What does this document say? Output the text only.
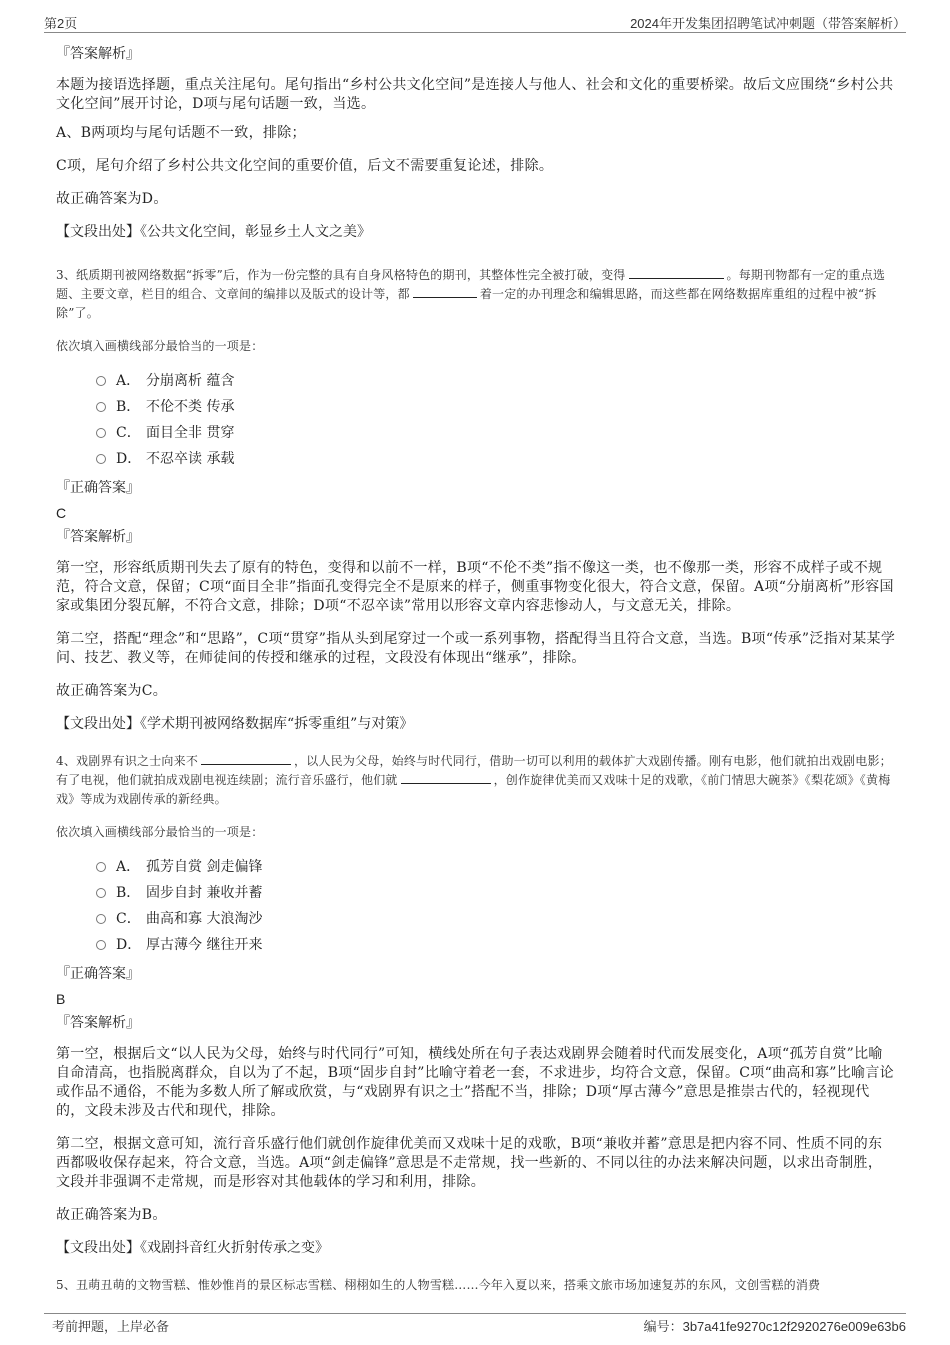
第2页	2024年开发集团招聘笔试冲刺题（带答案解析）
『答案解析』
本题为接语选择题，重点关注尾句。尾句指出“乡村公共文化空间”是连接人与他人、社会和文化的重要桥梁。故后文应围绕“乡村公共文化空间”展开讨论，D项与尾句话题一致，当选。
A、B两项均与尾句话题不一致，排除；
C项，尾句介绍了乡村公共文化空间的重要价值，后文不需要重复论述，排除。
故正确答案为D。
【文段出处】《公共文化空间，彰显乡土人文之美》
3、纸质期刊被网络数据“拆零”后，作为一份完整的具有自身风格特色的期刊，其整体性完全被打破，变得	。每期刊物都有一定的重点选题、主要文章，栏目的组合、文章间的编排以及版式的设计等，都	着一定的办刊理念和编辑思路，而这些都在网络数据库重组的过程中被“拆除”了。
依次填入画横线部分最恰当的一项是：
A． 分崩离析 蕴含
B． 不伦不类 传承
C． 面目全非 贯穿
D． 不忍卒读 承载
『正确答案』
C
『答案解析』
第一空，形容纸质期刊失去了原有的特色，变得和以前不一样，B项“不伦不类”指不像这一类，也不像那一类，形容不成样子或不规范，符合文意，保留；C项“面目全非”指面孔变得完全不是原来的样子，侧重事物变化很大，符合文意，保留。A项“分崩离析”形容国家或集团分裂瓦解，不符合文意，排除；D项“不忍卒读”常用以形容文章内容悲惨动人，与文意无关，排除。
第二空，搭配“理念”和“思路”，C项“贯穿”指从头到尾穿过一个或一系列事物，搭配得当且符合文意，当选。B项“传承”泛指对某某学问、技艺、教义等，在师徒间的传授和继承的过程，文段没有体现出“继承”，排除。
故正确答案为C。
【文段出处】《学术期刊被网络数据库“拆零重组”与对策》
4、戏剧界有识之士向来不	，以人民为父母，始终与时代同行，借助一切可以利用的载体扩大戏剧传播。刚有电影，他们就拍出戏剧电影；有了电视，他们就拍成戏剧电视连续剧；流行音乐盛行，他们就	，创作旋律优美而又戏味十足的戏歌，《前门情思大碗茶》《梨花颂》《黄梅戏》等成为戏剧传承的新经典。
依次填入画横线部分最恰当的一项是：
A． 孤芳自赏 剑走偏锋
B． 固步自封 兼收并蓄
C． 曲高和寡 大浪淘沙
D． 厚古薄今 继往开来
『正确答案』
B
『答案解析』
第一空，根据后文“以人民为父母，始终与时代同行”可知，横线处所在句子表达戏剧界会随着时代而发展变化，A项“孤芳自赏”比喻自命清高，也指脱离群众，自以为了不起，B项“固步自封”比喻守着老一套，不求进步，均符合文意，保留。C项“曲高和寡”比喻言论或作品不通俗，不能为多数人所了解或欣赏，与“戏剧界有识之士”搭配不当，排除；D项“厚古薄今”意思是推崇古代的，轻视现代的，文段未涉及古代和现代，排除。
第二空，根据文意可知，流行音乐盛行他们就创作旋律优美而又戏味十足的戏歌，B项“兼收并蓄”意思是把内容不同、性质不同的东西都吸收保存起来，符合文意，当选。A项“剑走偏锋”意思是不走常规，找一些新的、不同以往的办法来解决问题，以求出奇制胜，文段并非强调不走常规，而是形容对其他载体的学习和利用，排除。
故正确答案为B。
【文段出处】《戏剧抖音红火折射传承之变》
5、丑萌丑萌的文物雪糕、惟妙惟肖的景区标志雪糕、栩栩如生的人物雪糕……今年入夏以来，搭乘文旅市场加速复苏的东风，文创雪糕的消费
考前押题，上岸必备	编号：3b7a41fe9270c12f2920276e009e63b6
